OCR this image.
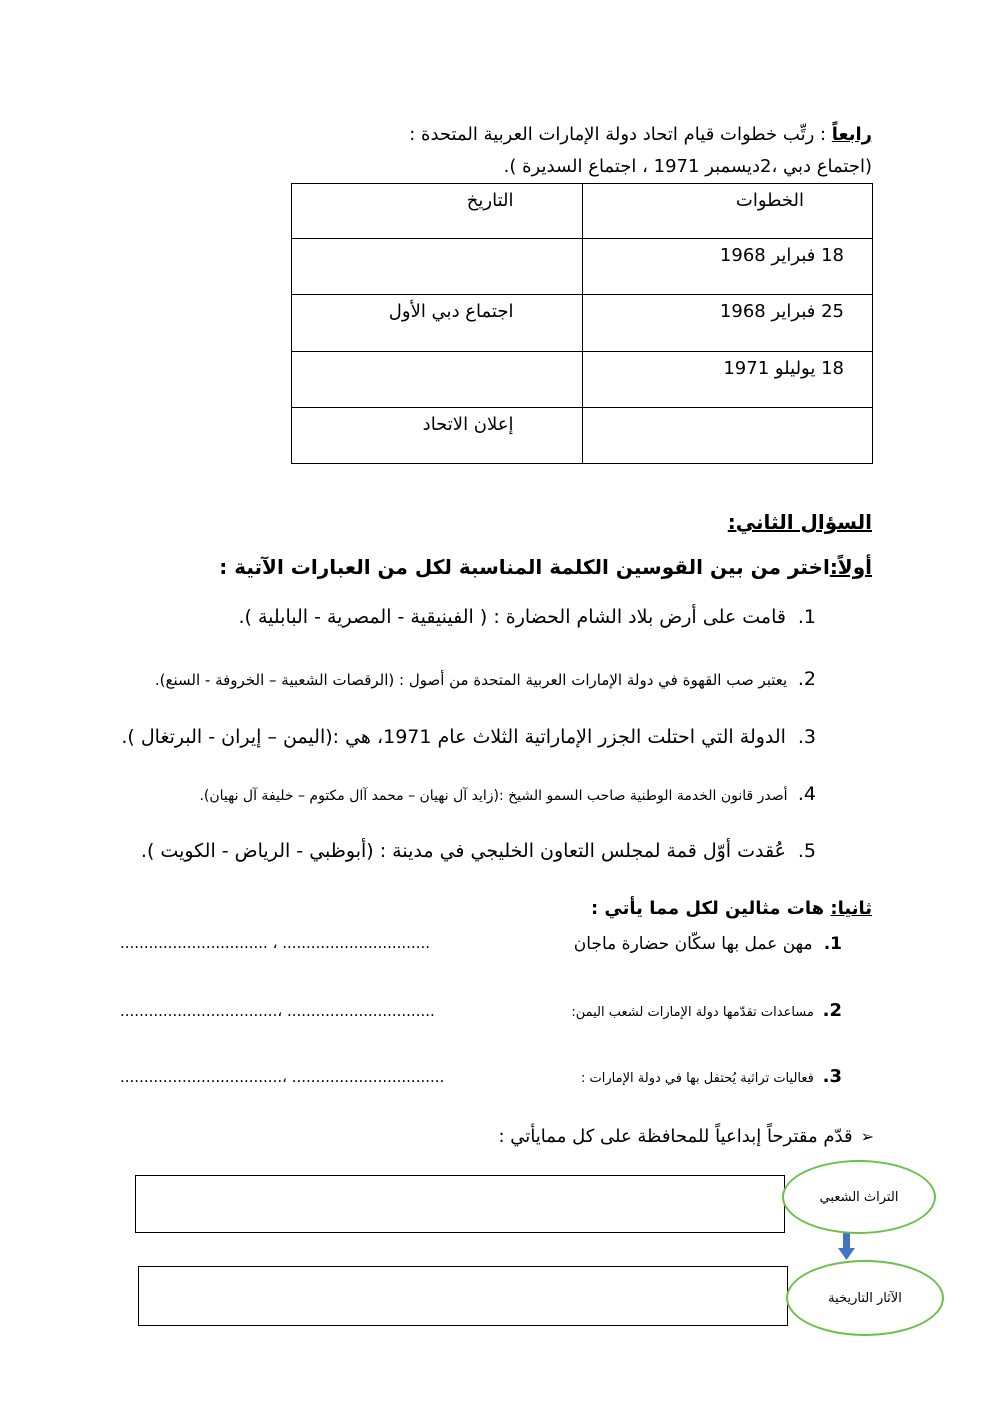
رابعاً : رتِّب خطوات قيام اتحاد دولة الإمارات العربية المتحدة :
(اجتماع دبي ،2ديسمبر 1971 ، اجتماع السديرة ).
الخطوات	التاريخ

18 فبراير 1968	

25 فبراير 1968	اجتماع دبي الأول

18 يوليلو 1971	

	إعلان الاتحاد
السؤال الثاني:
أولاً:اختر من بين القوسين الكلمة المناسبة لكل من العبارات الآتية :
1. قامت على أرض بلاد الشام الحضارة : ( الفينيقية - المصرية - البابلية ).
2. يعتبر صب القهوة في دولة الإمارات العربية المتحدة من أصول : (الرقصات الشعبية – الخروفة - السنع).
3. الدولة التي احتلت الجزر الإماراتية الثلاث عام 1971، هي :(اليمن – إيران - البرتغال ).
4. أصدر قانون الخدمة الوطنية صاحب السمو الشيخ :(زايد آل نهيان – محمد آال مكتوم – خليفة آل نهيان).
5. عُقدت أوّل قمة لمجلس التعاون الخليجي في مدينة : (أبوظبي - الرياض - الكويت ).
ثانيا: هات مثالين لكل مما يأتي :
1. مهن عمل بها سكّان حضارة ماجان
............................... ، ...............................
2. مساعدات تقدّمها دولة الإمارات لشعب اليمن:
.................................، ...............................
3. فعاليات تراثية يُحتفل بها في دولة الإمارات :
..................................، ................................
➢قدّم مقترحاً إبداعياً للمحافظة على كل ممايأتي :
التراث الشعبي
الآثار التاريخية
